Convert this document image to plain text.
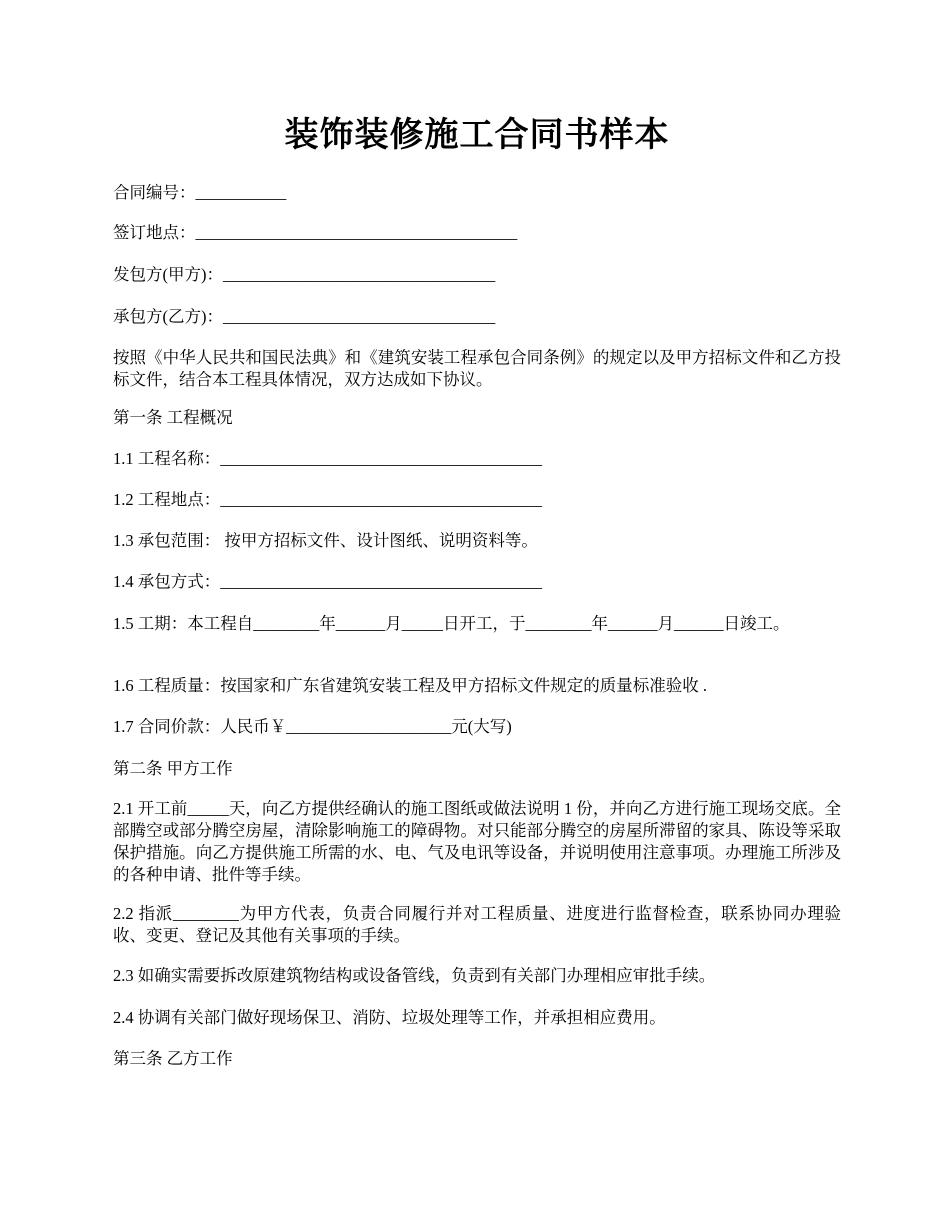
装饰装修施工合同书样本
合同编号：___________
签订地点：_______________________________________
发包方(甲方)：_________________________________
承包方(乙方)：_________________________________
按照《中华人民共和国民法典》和《建筑安装工程承包合同条例》的规定以及甲方招标文件和乙方投标文件，结合本工程具体情况，双方达成如下协议。
第一条 工程概况
1.1 工程名称：_______________________________________
1.2 工程地点：_______________________________________
1.3 承包范围： 按甲方招标文件、设计图纸、说明资料等。
1.4 承包方式：_______________________________________
1.5 工期：本工程自________年______月_____日开工，于________年______月______日竣工。
1.6 工程质量：按国家和广东省建筑安装工程及甲方招标文件规定的质量标准验收 .
1.7 合同价款：人民币￥____________________元(大写)
第二条 甲方工作
2.1 开工前_____天，向乙方提供经确认的施工图纸或做法说明 1 份，并向乙方进行施工现场交底。全部腾空或部分腾空房屋，清除影响施工的障碍物。对只能部分腾空的房屋所滞留的家具、陈设等采取保护措施。向乙方提供施工所需的水、电、气及电讯等设备，并说明使用注意事项。办理施工所涉及的各种申请、批件等手续。
2.2 指派________为甲方代表，负责合同履行并对工程质量、进度进行监督检查，联系协同办理验收、变更、登记及其他有关事项的手续。
2.3 如确实需要拆改原建筑物结构或设备管线，负责到有关部门办理相应审批手续。
2.4 协调有关部门做好现场保卫、消防、垃圾处理等工作，并承担相应费用。
第三条 乙方工作
